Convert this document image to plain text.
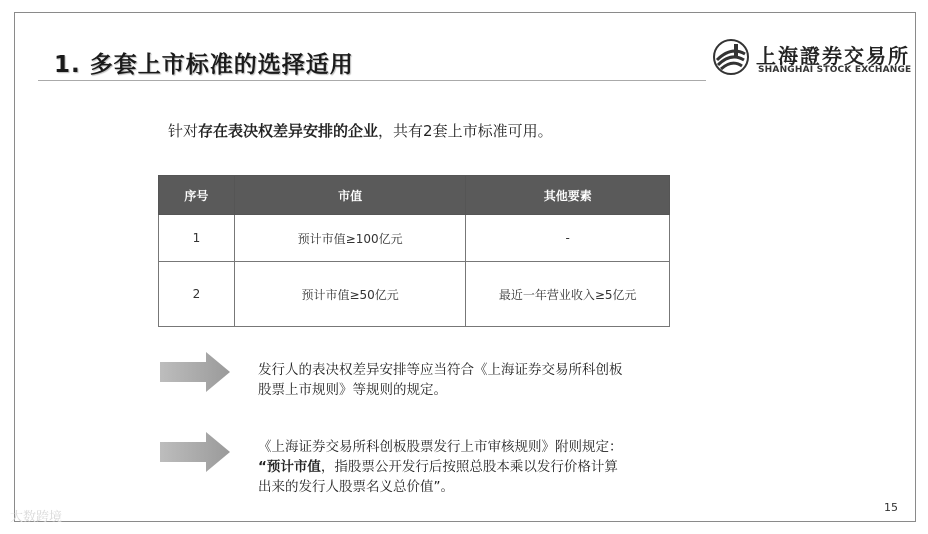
1. 多套上市标准的选择适用	上海證券交易所
SHANGHAI STOCK EXCHANGE
针对存在表决权差异安排的企业，共有2套上市标准可用。
序号	市值	其他要素
1	预计市值≥100亿元	-
2	预计市值≥50亿元	最近一年营业收入≥5亿元
发行人的表决权差异安排等应当符合《上海证券交易所科创板
股票上市规则》等规则的规定。
《上海证券交易所科创板股票发行上市审核规则》附则规定：
“预计市值，指股票公开发行后按照总股本乘以发行价格计算
出来的发行人股票名义总价值”。
15
大数跨境
